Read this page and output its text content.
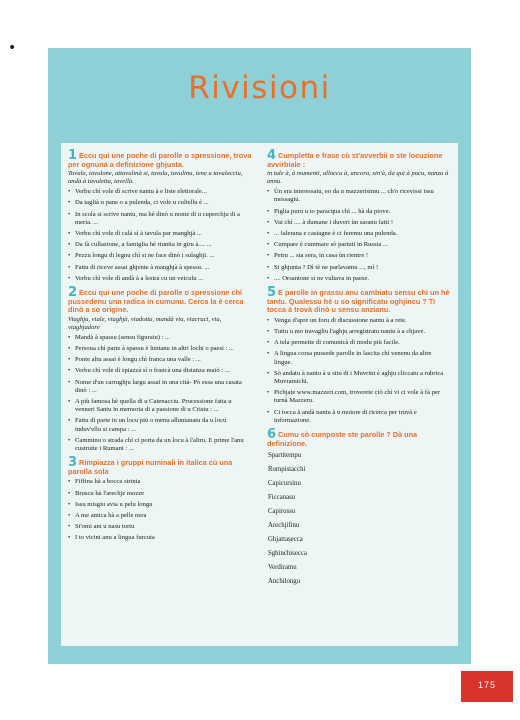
•
Rivisioni
1 Eccu qui une poche di parolle o spressione, trova per ognuna a definizione ghjusta.

Tavula, tavulone, attavulinà si, tavulu, tavulinu, tene u tavulacciu, andà à tavuletta, tavellà.

• Verbu chì vole dì scrive nantu à e liste elettorale...
• Da taglià u pane o a pulenda, ci vole u cultellu è ...
• In scola si scrive nantu, ma hè dinò u nome di u cuperchju di a meria. ...
• Verbu chì vole dì calà sì à tavula par manghjà ...
• Da fà cullazione, a famiglia hè riunita in giru à.... ...
• Pezzu longu di legnu chì si ne face dinò i sulaghji. ...
• Fattu di riceve assai ghjente à manghjà à spessu. ...
• Verbu chì vole dì andà à a lestra cu un veiculu ...
2 Eccu qui une poche di parolle o spressione chì pussedenu una radica in cumunu. Cerca la è cerca dinò a so origine.

Viaghju, viale, viaghjà, viadottu, mandà via, viacruci, via, viaghjadore

• Mandà à spassu (sensu figuratu) : ...
• Persona chì parte à spassu è luntanu in altri lochi o paesi : ...
• Ponte altu assai è longu chì franca una valle : ...
• Verbu chì vole dì spiazzà sì o francà una distanza maiò : ...
• Nome d'un carrughju largu assai in una cità- Pò essa una casata dinò : ...
• A più famosa hè quella di u Catenacciu. Prucessione fatta u venneri Santu in memoria di a passione di u Cristu : ...
• Fattu di parte in un locu più o menu alluntanatu da u locu induv'ellu si campa : ...
• Camminu o strada chì ci porta da un locu à l'altru. E prime l'anu custruite i Rumani : ...
3 Rimpiazza i gruppi numinali in italica cù una parolla sola
• Fiffina hà a bocca strinta
• Bruscu hà l'arechje mozze
• Issu misgiu avia u pelu longu
• A me amica hà a pelle nera
• St'omi ani u nasu tortu
• I to vicini anu a lingua furcuta
4 Cumpletta e frase cù st'avverbii o ste locuzione avvirbiale :

in tale à, à mumenti, alloccu à, ancora, sin'à, da quì à pocu, nanzu à annu.

• Ùn era interessatu, eo da u mazzerisimu ... ch'o ricevissi issu messagiu.
• Piglia puru u to paracqua chì ... hà da piove.
• Vai chì .... à dumane i duveri ùn saranu fatti !
• ... falerana e castagne è ci feremu una pulenda.
• Cumpare è cummare sò partuti in Russia ...
• Petru ... sta sera, in casa ùn rientre !
• Si ghjunta ? Dì tè ne parlavamu ..., mì !
• .... Orsantone si ne vultava in paese.
5 E parolle in grassu anu cambiatu sensu chì un hè tantu. Qualessu hè u so significatu oghjincu ? Ti tocca à trovà dinò u sensu anzianu.
• Vengu d'apre un foru di discussione nantu à a rete.
• Tuttu u mo travagliu l'aghju arregistratu nantu à a chjave.
• A tela permette di comunicà di modu più facile.
• A lingua corsa pussede parolle in lascita chì venenu da altre lingue.
• Sò andatu à nantu à u situ di i Muvrini è aghju cliccatu a rubrica Muvramichi.
• Pichjate www.mazzeri.com, troverete ciò chì vi ci vole à fà per turnà Mazzeru.
• Ci tocca à andà nantu à u motore di ricerca per truvà e informazione.
6 Cumu sò cumposte ste parolle ? Dà una definizione.
Spartitempu
Rompistacchi
Capicursinu
Ficcanasu
Capirossu
Arechjifinu
Ghjattasecca
Sghinchisecca
Verdiramu
Anchilongu
175
